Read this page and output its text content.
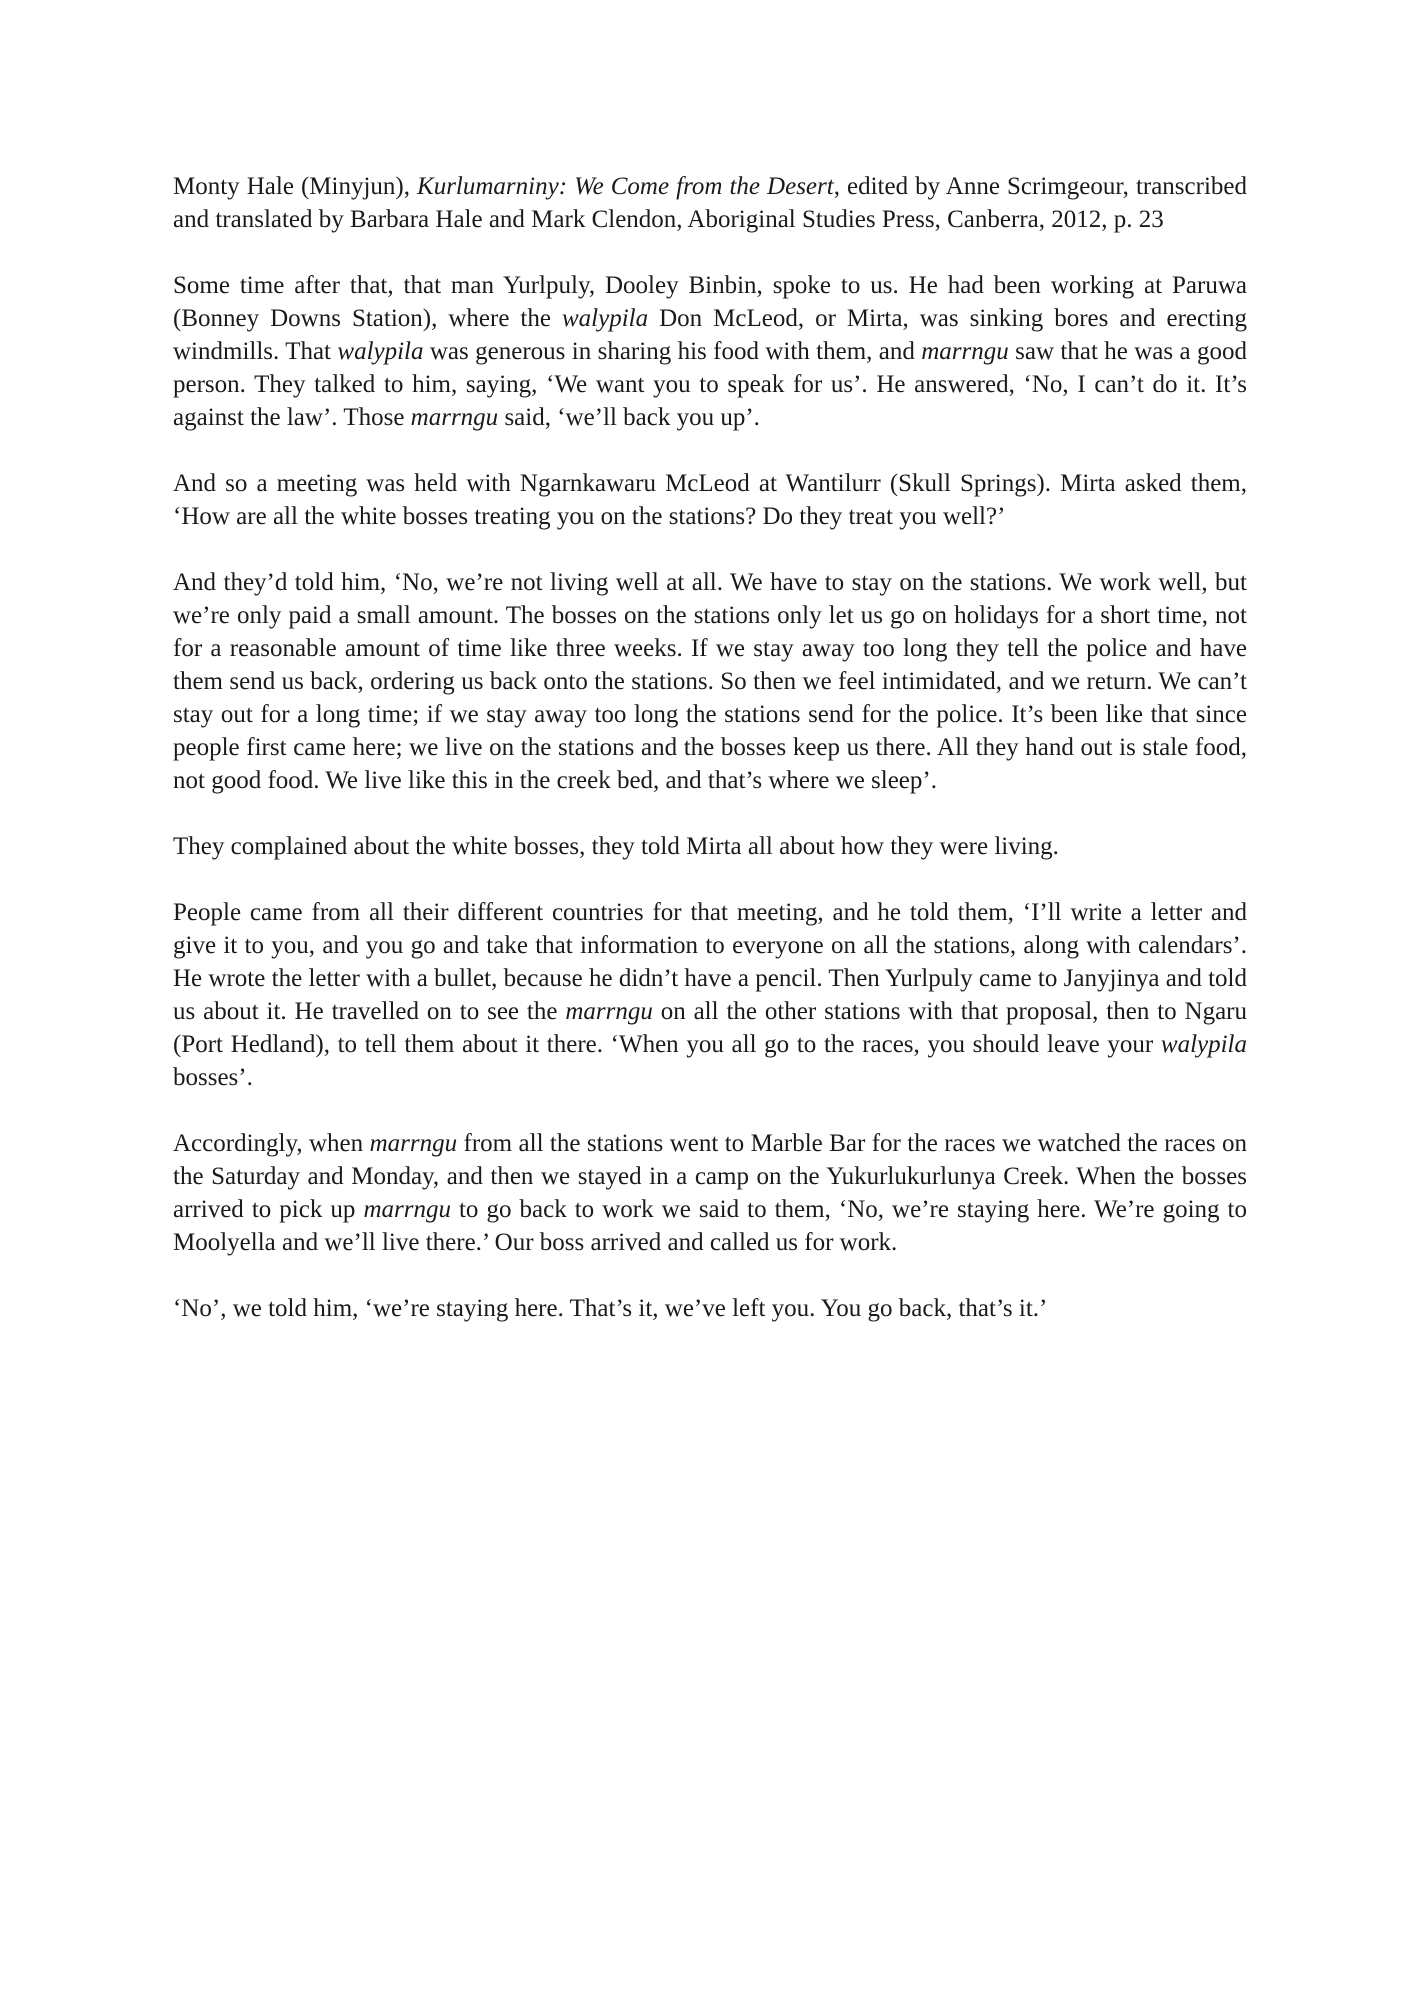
Monty Hale (Minyjun), Kurlumarniny: We Come from the Desert, edited by Anne Scrimgeour, transcribed and translated by Barbara Hale and Mark Clendon, Aboriginal Studies Press, Canberra, 2012, p. 23

Some time after that, that man Yurlpuly, Dooley Binbin, spoke to us. He had been working at Paruwa (Bonney Downs Station), where the walypila Don McLeod, or Mirta, was sinking bores and erecting windmills. That walypila was generous in sharing his food with them, and marrngu saw that he was a good person. They talked to him, saying, ‘We want you to speak for us’. He answered, ‘No, I can’t do it. It’s against the law’. Those marrngu said, ‘we’ll back you up’.

And so a meeting was held with Ngarnkawaru McLeod at Wantilurr (Skull Springs). Mirta asked them, ‘How are all the white bosses treating you on the stations? Do they treat you well?’

And they’d told him, ‘No, we’re not living well at all. We have to stay on the stations. We work well, but we’re only paid a small amount. The bosses on the stations only let us go on holidays for a short time, not for a reasonable amount of time like three weeks. If we stay away too long they tell the police and have them send us back, ordering us back onto the stations. So then we feel intimidated, and we return. We can’t stay out for a long time; if we stay away too long the stations send for the police. It’s been like that since people first came here; we live on the stations and the bosses keep us there. All they hand out is stale food, not good food. We live like this in the creek bed, and that’s where we sleep’.

They complained about the white bosses, they told Mirta all about how they were living.

People came from all their different countries for that meeting, and he told them, ‘I’ll write a letter and give it to you, and you go and take that information to everyone on all the stations, along with calendars’. He wrote the letter with a bullet, because he didn’t have a pencil. Then Yurlpuly came to Janyjinya and told us about it. He travelled on to see the marrngu on all the other stations with that proposal, then to Ngaru (Port Hedland), to tell them about it there. ‘When you all go to the races, you should leave your walypila bosses’.

Accordingly, when marrngu from all the stations went to Marble Bar for the races we watched the races on the Saturday and Monday, and then we stayed in a camp on the Yukurlukurlunya Creek. When the bosses arrived to pick up marrngu to go back to work we said to them, ‘No, we’re staying here. We’re going to Moolyella and we’ll live there.’ Our boss arrived and called us for work.

‘No’, we told him, ‘we’re staying here. That’s it, we’ve left you. You go back, that’s it.’
